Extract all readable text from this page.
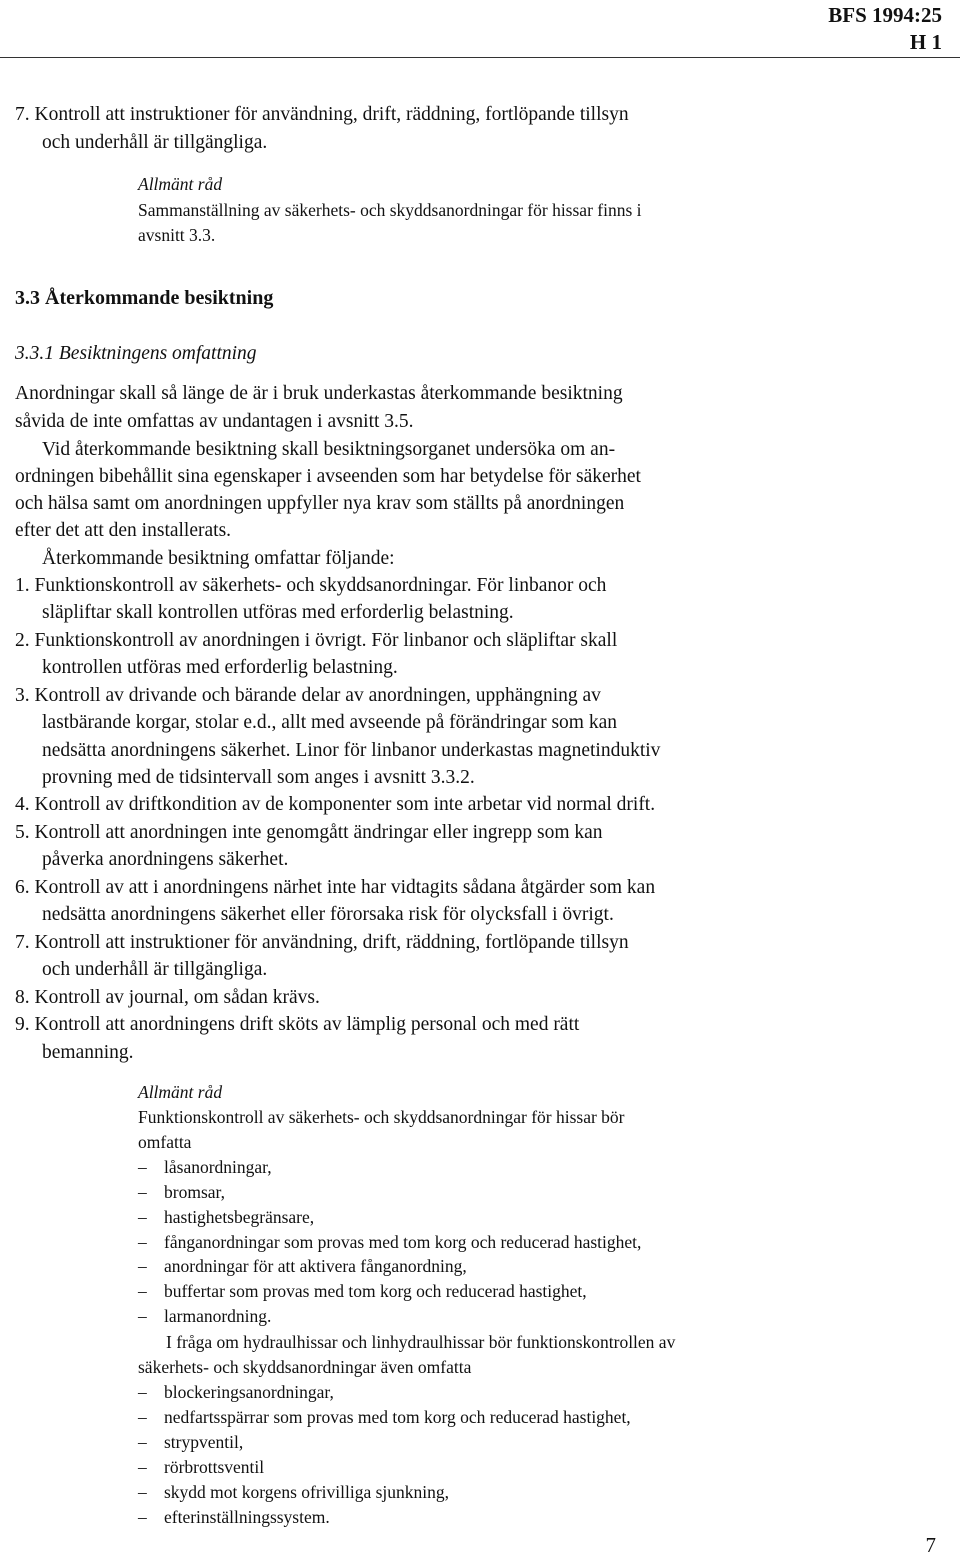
BFS 1994:25
H 1
7. Kontroll att instruktioner för användning, drift, räddning, fortlöpande tillsyn
och underhåll är tillgängliga.
Allmänt råd
Sammanställning av säkerhets- och skyddsanordningar för hissar finns i
avsnitt 3.3.
3.3 Återkommande besiktning
3.3.1 Besiktningens omfattning
Anordningar skall så länge de är i bruk underkastas återkommande besiktning
såvida de inte omfattas av undantagen i avsnitt 3.5.
Vid återkommande besiktning skall besiktningsorganet undersöka om an-
ordningen bibehållit sina egenskaper i avseenden som har betydelse för säkerhet
och hälsa samt om anordningen uppfyller nya krav som ställts på anordningen
efter det att den installerats.
Återkommande besiktning omfattar följande:
1. Funktionskontroll av säkerhets- och skyddsanordningar. För linbanor och
släpliftar skall kontrollen utföras med erforderlig belastning.
2. Funktionskontroll av anordningen i övrigt. För linbanor och släpliftar skall
kontrollen utföras med erforderlig belastning.
3. Kontroll av drivande och bärande delar av anordningen, upphängning av
lastbärande korgar, stolar e.d., allt med avseende på förändringar som kan
nedsätta anordningens säkerhet. Linor för linbanor underkastas magnetinduktiv
provning med de tidsintervall som anges i avsnitt 3.3.2.
4. Kontroll av driftkondition av de komponenter som inte arbetar vid normal drift.
5. Kontroll att anordningen inte genomgått ändringar eller ingrepp som kan
påverka anordningens säkerhet.
6. Kontroll av att i anordningens närhet inte har vidtagits sådana åtgärder som kan
nedsätta anordningens säkerhet eller förorsaka risk för olycksfall i övrigt.
7. Kontroll att instruktioner för användning, drift, räddning, fortlöpande tillsyn
och underhåll är tillgängliga.
8. Kontroll av journal, om sådan krävs.
9. Kontroll att anordningens drift sköts av lämplig personal och med rätt
bemanning.
Allmänt råd
Funktionskontroll av säkerhets- och skyddsanordningar för hissar bör
omfatta
– låsanordningar,
– bromsar,
– hastighetsbegränsare,
– fånganordningar som provas med tom korg och reducerad hastighet,
– anordningar för att aktivera fånganordning,
– buffertar som provas med tom korg och reducerad hastighet,
– larmanordning.
I fråga om hydraulhissar och linhydraulhissar bör funktionskontrollen av
säkerhets- och skyddsanordningar även omfatta
– blockeringsanordningar,
– nedfartsspärrar som provas med tom korg och reducerad hastighet,
– strypventil,
– rörbrottsventil
– skydd mot korgens ofrivilliga sjunkning,
– efterinställningssystem.
7
